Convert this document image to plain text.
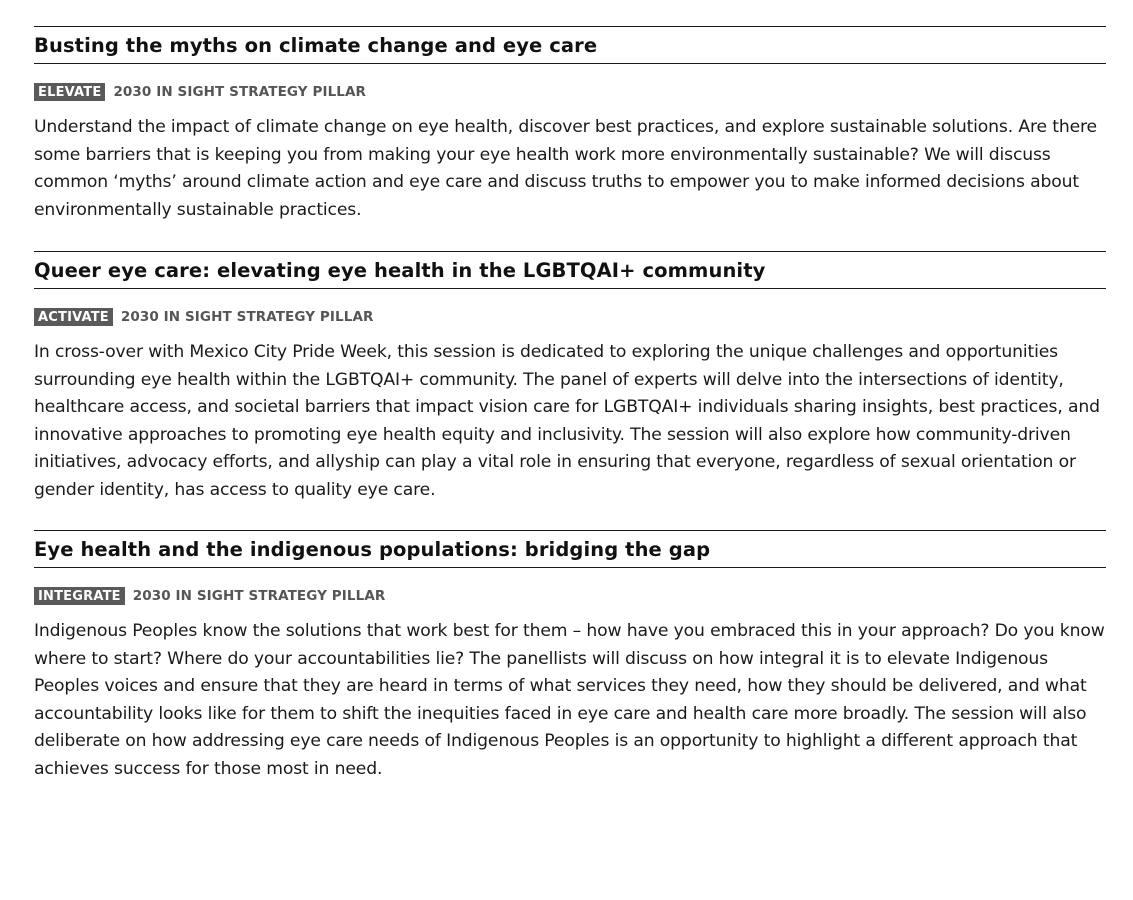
Busting the myths on climate change and eye care
ELEVATE 2030 IN SIGHT STRATEGY PILLAR

Understand the impact of climate change on eye health, discover best practices, and explore sustainable solutions. Are there some barriers that is keeping you from making your eye health work more environmentally sustainable? We will discuss common ‘myths’ around climate action and eye care and discuss truths to empower you to make informed decisions about environmentally sustainable practices.

Queer eye care: elevating eye health in the LGBTQAI+ community
ACTIVATE 2030 IN SIGHT STRATEGY PILLAR

In cross-over with Mexico City Pride Week, this session is dedicated to exploring the unique challenges and opportunities surrounding eye health within the LGBTQAI+ community. The panel of experts will delve into the intersections of identity, healthcare access, and societal barriers that impact vision care for LGBTQAI+ individuals sharing insights, best practices, and innovative approaches to promoting eye health equity and inclusivity. The session will also explore how community-driven initiatives, advocacy efforts, and allyship can play a vital role in ensuring that everyone, regardless of sexual orientation or gender identity, has access to quality eye care.

Eye health and the indigenous populations: bridging the gap
INTEGRATE 2030 IN SIGHT STRATEGY PILLAR

Indigenous Peoples know the solutions that work best for them – how have you embraced this in your approach? Do you know where to start? Where do your accountabilities lie? The panellists will discuss on how integral it is to elevate Indigenous Peoples voices and ensure that they are heard in terms of what services they need, how they should be delivered, and what accountability looks like for them to shift the inequities faced in eye care and health care more broadly. The session will also deliberate on how addressing eye care needs of Indigenous Peoples is an opportunity to highlight a different approach that achieves success for those most in need.
